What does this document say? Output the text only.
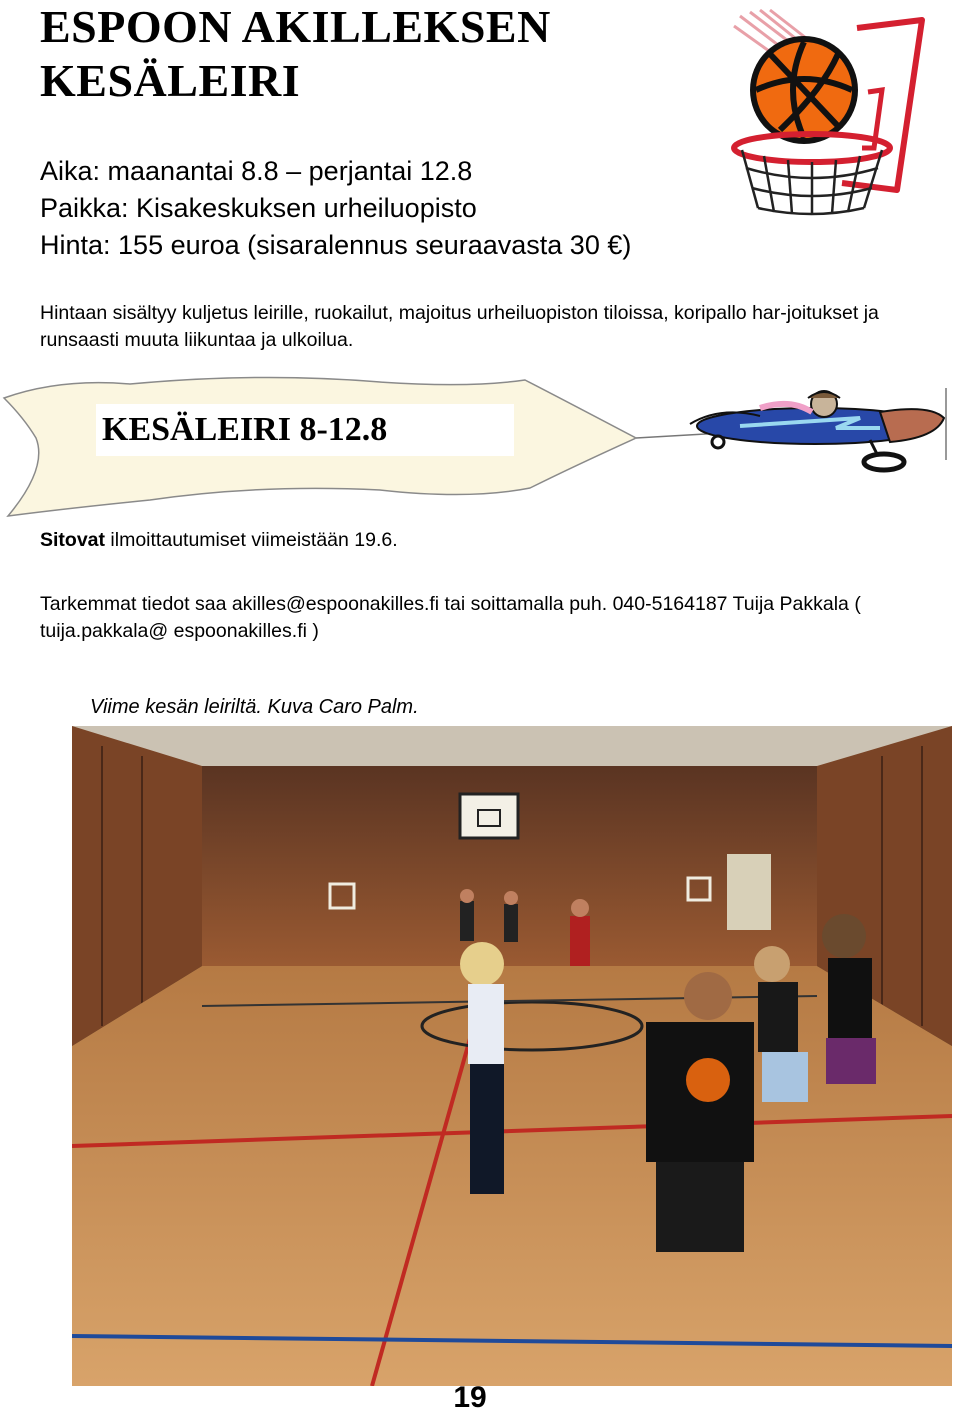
ESPOON AKILLEKSEN
KESÄLEIRI
Aika: maanantai 8.8 – perjantai 12.8
Paikka: Kisakeskuksen urheiluopisto
Hinta: 155 euroa (sisaralennus seuraavasta 30 €)
Hintaan sisältyy kuljetus leirille, ruokailut, majoitus urheiluopiston tiloissa, koripallo har-joitukset ja runsaasti muuta liikuntaa ja ulkoilua.
KESÄLEIRI 8-12.8
Sitovat ilmoittautumiset viimeistään 19.6.
Tarkemmat tiedot saa akilles@espoonakilles.fi tai soittamalla puh. 040-5164187 Tuija Pakkala ( tuija.pakkala@ espoonakilles.fi )
Viime kesän leiriltä. Kuva Caro Palm.
19
